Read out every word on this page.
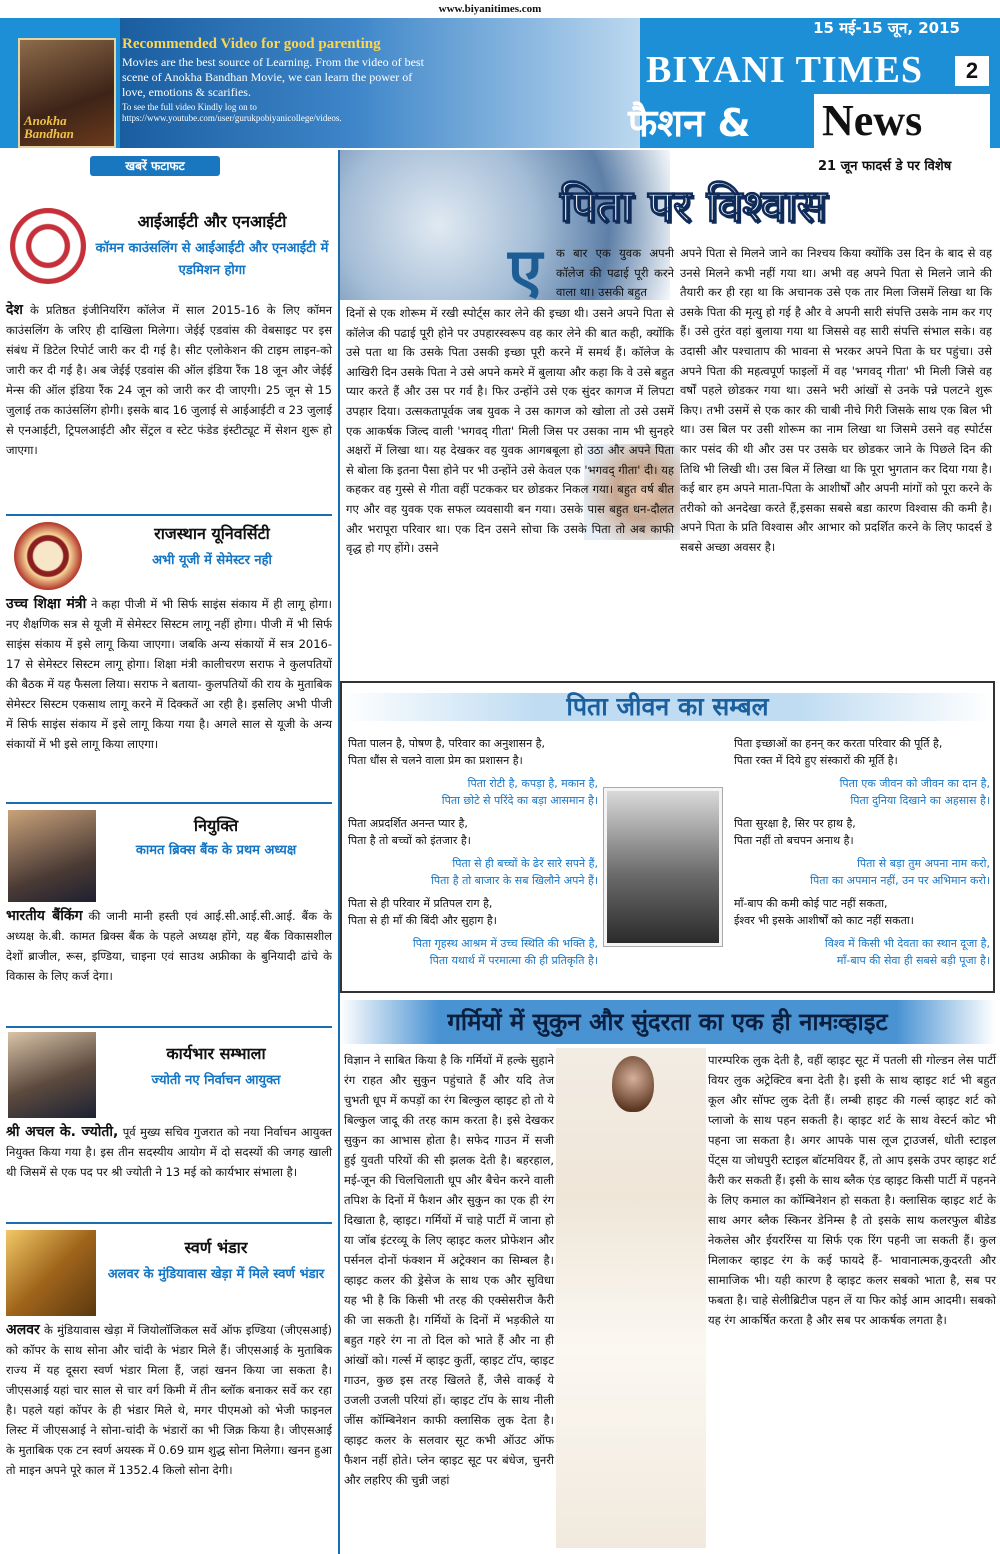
www.biyanitimes.com
Anokha Bandhan
Recommended Video for good parenting

Movies are the best source of Learning. From the video of best scene of Anokha Bandhan Movie, we can learn the power of love, emotions & scarifies.

To see the full video Kindly log on to https://www.youtube.com/user/gurukpobiyanicollege/videos.

15 मई-15 जून, 2015
BIYANI TIMES	2
फैशन & News
खबरें फटाफट
आईआईटी और एनआईटी
कॉमन काउंसलिंग से आईआईटी और एनआईटी में एडमिशन होगा
देश के प्रतिष्ठत इंजीनियरिंग कॉलेज में साल 2015-16 के लिए कॉमन काउंसलिंग के जरिए ही दाखिला मिलेगा। जेईई एडवांस की वेबसाइट पर इस संबंध में डिटेल रिपोर्ट जारी कर दी गई है। सीट एलोकेशन की टाइम लाइन-को जारी कर दी गई है। अब जेईई एडवांस की ऑल इंडिया रैंक 18 जून और जेईई मेन्स की ऑल इंडिया रैंक 24 जून को जारी कर दी जाएगी। 25 जून से 15 जुलाई तक काउंसलिंग होगी। इसके बाद 16 जुलाई से आईआईटी व 23 जुलाई से एनआईटी, ट्रिपलआईटी और सेंट्रल व स्टेट फंडेड इंस्टीट्यूट में सेशन शुरू हो जाएगा।
राजस्थान यूनिवर्सिटी
अभी यूजी में सेमेस्टर नही
उच्च शिक्षा मंत्री ने कहा पीजी में भी सिर्फ साइंस संकाय में ही लागू होगा। नए शैक्षणिक सत्र से यूजी में सेमेस्टर सिस्टम लागू नहीं होगा। पीजी में भी सिर्फ साइंस संकाय में इसे लागू किया जाएगा। जबकि अन्य संकायों में सत्र 2016-17 से सेमेस्टर सिस्टम लागू होगा। शिक्षा मंत्री कालीचरण सराफ ने कुलपतियों की बैठक में यह फैसला लिया। सराफ ने बताया- कुलपतियों की राय के मुताबिक सेमेस्टर सिस्टम एकसाथ लागू करने में दिक्कतें आ रही है। इसलिए अभी पीजी में सिर्फ साइंस संकाय में इसे लागू किया गया है। अगले साल से यूजी के अन्य संकायों में भी इसे लागू किया लाएगा।
नियुक्ति
कामत ब्रिक्स बैंक के प्रथम अध्यक्ष
भारतीय बैंकिंग की जानी मानी हस्ती एवं आई.सी.आई.सी.आई. बैंक के अध्यक्ष के.बी. कामत ब्रिक्स बैंक के पहले अध्यक्ष होंगे, यह बैंक विकासशील देशों ब्राजील, रूस, इण्डिया, चाइना एवं साउथ अफ्रीका के बुनियादी ढांचे के विकास के लिए कर्ज देगा।
कार्यभार सम्भाला
ज्योती नए निर्वाचन आयुक्त
श्री अचल के. ज्योती, पूर्व मुख्य सचिव गुजरात को नया निर्वाचन आयुक्त नियुक्त किया गया है। इस तीन सदस्यीय आयोग में दो सदस्यों की जगह खाली थी जिसमें से एक पद पर श्री ज्योती ने 13 मई को कार्यभार संभाला है।
स्वर्ण भंडार
अलवर के मुंडियावास खेड़ा में मिले स्वर्ण भंडार
अलवर के मुंडियावास खेड़ा में जियोलॉजिकल सर्वे ऑफ इण्डिया (जीएसआई) को कॉपर के साथ सोना और चांदी के भंडार मिले हैं। जीएसआई के मुताबिक राज्य में यह दूसरा स्वर्ण भंडार मिला हैं, जहां खनन किया जा सकता है। जीएसआई यहां चार साल से चार वर्ग किमी में तीन ब्लॉक बनाकर सर्वे कर रहा है। पहले यहां कॉपर के ही भंडार मिले थे, मगर पीएमओ को भेजी फाइनल लिस्ट में जीएसआई ने सोना-चांदी के भंडारों का भी जिक्र किया है। जीएसआई के मुताबिक एक टन स्वर्ण अयस्क में 0.69 ग्राम शुद्ध सोना मिलेगा। खनन हुआ तो माइन अपने पूरे काल में 1352.4 किलो सोना देगी।
21 जून फादर्स डे पर विशेष
पिता पर विश्वास
ए क बार एक युवक अपनी कॉलेज की पढाई पूरी करने वाला था। उसकी बहुत
दिनों से एक शोरूम में रखी स्पोर्ट्स कार लेने की इच्छा थी। उसने अपने पिता से कॉलेज की पढाई पूरी होने पर उपहारस्वरूप वह कार लेने की बात कही, क्योंकि उसे पता था कि उसके पिता उसकी इच्छा पूरी करने में समर्थ हैं। कॉलेज के आखिरी दिन उसके पिता ने उसे अपने कमरे में बुलाया और कहा कि वे उसे बहुत प्यार करते हैं और उस पर गर्व है। फिर उन्होंने उसे एक सुंदर कागज में लिपटा उपहार दिया। उत्सकतापूर्वक जब युवक ने उस कागज को खोला तो उसे उसमें एक आकर्षक जिल्द वाली 'भगवद् गीता' मिली जिस पर उसका नाम भी सुनहरे अक्षरों में लिखा था। यह देखकर वह युवक आगबबूला हो उठा और अपने पिता से बोला कि इतना पैसा होने पर भी उन्होंने उसे केवल एक 'भगवद् गीता' दी। यह कहकर वह गुस्से से गीता वहीं पटककर घर छोडकर निकल गया। बहुत वर्ष बीत गए और वह युवक एक सफल व्यवसायी बन गया। उसके पास बहुत धन-दौलत और भरापूरा परिवार था। एक दिन उसने सोचा कि उसके पिता तो अब काफी वृद्ध हो गए होंगे। उसने
अपने पिता से मिलने जाने का निश्चय किया क्योंकि उस दिन के बाद से वह उनसे मिलने कभी नहीं गया था। अभी वह अपने पिता से मिलने जाने की तैयारी कर ही रहा था कि अचानक उसे एक तार मिला जिसमें लिखा था कि उसके पिता की मृत्यु हो गई है और वे अपनी सारी संपत्ति उसके नाम कर गए हैं। उसे तुरंत वहां बुलाया गया था जिससे वह सारी संपत्ति संभाल सके। वह उदासी और पश्चाताप की भावना से भरकर अपने पिता के घर पहुंचा। उसे अपने पिता की महत्वपूर्ण फाइलों में वह 'भगवद् गीता' भी मिली जिसे वह वर्षों पहले छोडकर गया था। उसने भरी आंखों से उनके पन्ने पलटने शुरू किए। तभी उसमें से एक कार की चाबी नीचे गिरी जिसके साथ एक बिल भी था। उस बिल पर उसी शोरूम का नाम लिखा था जिसमे उसने वह स्पोर्टस कार पसंद की थी और उस पर उसके घर छोडकर जाने के पिछले दिन की तिथि भी लिखी थी। उस बिल में लिखा था कि पूरा भुगतान कर दिया गया है। कई बार हम अपने माता-पिता के आशीर्षों और अपनी मांगों को पूरा करने के तरीको को अनदेखा करते हैं,इसका सबसे बडा कारण विश्वास की कमी है। अपने पिता के प्रति विश्वास और आभार को प्रदर्शित करने के लिए फादर्स डे सबसे अच्छा अवसर है।
पिता जीवन का सम्बल
पिता पालन है, पोषण है, परिवार का अनुशासन है,
पिता धौंस से चलने वाला प्रेम का प्रशासन है।
पिता रोटी है, कपड़ा है, मकान है,
पिता छोटे से परिंदे का बड़ा आसमान है।
पिता अप्रदर्शित अनन्त प्यार है,
पिता है तो बच्चों को इंतजार है।
पिता से ही बच्चों के ढेर सारे सपने हैं,
पिता है तो बाजार के सब खिलौने अपने हैं।
पिता से ही परिवार में प्रतिपल राग है,
पिता से ही माँ की बिंदी और सुहाग है।
पिता गृहस्थ आश्रम में उच्च स्थिति की भक्ति है,
पिता यथार्थ में परमात्मा की ही प्रतिकृति है।
पिता इच्छाओं का हनन् कर करता परिवार की पूर्ति है,
पिता रक्त में दिये हुए संस्कारों की मूर्ति है।
पिता एक जीवन को जीवन का दान है,
पिता दुनिया दिखाने का अहसास है।
पिता सुरक्षा है, सिर पर हाथ है,
पिता नहीं तो बचपन अनाथ है।
पिता से बड़ा तुम अपना नाम करो,
पिता का अपमान नहीं, उन पर अभिमान करो।
माँ-बाप की कमी कोई पाट नहीं सकता,
ईश्वर भी इसके आशीर्षों को काट नहीं सकता।
विश्व में किसी भी देवता का स्थान दूजा है,
माँ-बाप की सेवा ही सबसे बड़ी पूजा है।
गर्मियों में सुकुन और सुंदरता का एक ही नामःव्हाइट
विज्ञान ने साबित किया है कि गर्मियों में हल्के सुहाने रंग राहत और सुकुन पहुंचाते हैं और यदि तेज चुभती धूप में कपड़ों का रंग बिल्कुल व्हाइट हो तो ये बिल्कुल जादू की तरह काम करता है। इसे देखकर सुकुन का आभास होता है। सफेद गाउन में सजी हुई युवती परियों की सी झलक देती है। बहरहाल, मई-जून की चिलचिलाती धूप और बैचेन करने वाली तपिश के दिनों में फैशन और सुकुन का एक ही रंग दिखाता है, व्हाइट। गर्मियों में चाहे पार्टी में जाना हो या जॉब इंटरव्यू के लिए व्हाइट कलर प्रोफेशन और पर्सनल दोनों फंक्शन में अट्रेक्शन का सिम्बल है। व्हाइट कलर की ड्रेसेज के साथ एक और सुविधा यह भी है कि किसी भी तरह की एक्सेसरीज कैरी की जा सकती है। गर्मियों के दिनों में भड़कीले या बहुत गहरे रंग ना तो दिल को भाते हैं और ना ही आंखों को। गर्ल्स में व्हाइट कुर्ती, व्हाइट टॉप, व्हाइट गाउन, कुछ इस तरह खिलते हैं, जैसे वाकई ये उजली उजली परियां हों। व्हाइट टॉप के साथ नीली जींस कॉम्बिनेशन काफी क्लासिक लुक देता है। व्हाइट कलर के सलवार सूट कभी ऑउट ऑफ फैशन नहीं होते। प्लेन व्हाइट सूट पर बंधेज, चुनरी और लहरिए की चुन्नी जहां
पारम्परिक लुक देती है, वहीं व्हाइट सूट में पतली सी गोल्डन लेस पार्टी वियर लुक अट्रेक्टिव बना देती है। इसी के साथ व्हाइट शर्ट भी बहुत कूल और सॉफ्ट लुक देती हैं। लम्बी हाइट की गर्ल्स व्हाइट शर्ट को प्लाजो के साथ पहन सकती है। व्हाइट शर्ट के साथ वेस्टर्न कोट भी पहना जा सकता है। अगर आपके पास लूज ट्राउजर्स, धोती स्टाइल पेंट्स या जोधपुरी स्टाइल बॉटमवियर हैं, तो आप इसके उपर व्हाइट शर्ट कैरी कर सकती हैं। इसी के साथ ब्लैक एंड व्हाइट किसी पार्टी में पहनने के लिए कमाल का कॉम्बिनेशन हो सकता है। क्लासिक व्हाइट शर्ट के साथ अगर ब्लैक स्किनर डेनिम्स है तो इसके साथ कलरफुल बीडेड नेकलेस और ईयररिंग्स या सिर्फ एक रिंग पहनी जा सकती हैं। कुल मिलाकर व्हाइट रंग के कई फायदे हैं- भावानात्मक,कुदरती और सामाजिक भी। यही कारण है व्हाइट कलर सबको भाता है, सब पर फबता है। चाहे सेलीब्रिटीज पहन लें या फिर कोई आम आदमी। सबको यह रंग आकर्षित करता है और सब पर आकर्षक लगता है।
